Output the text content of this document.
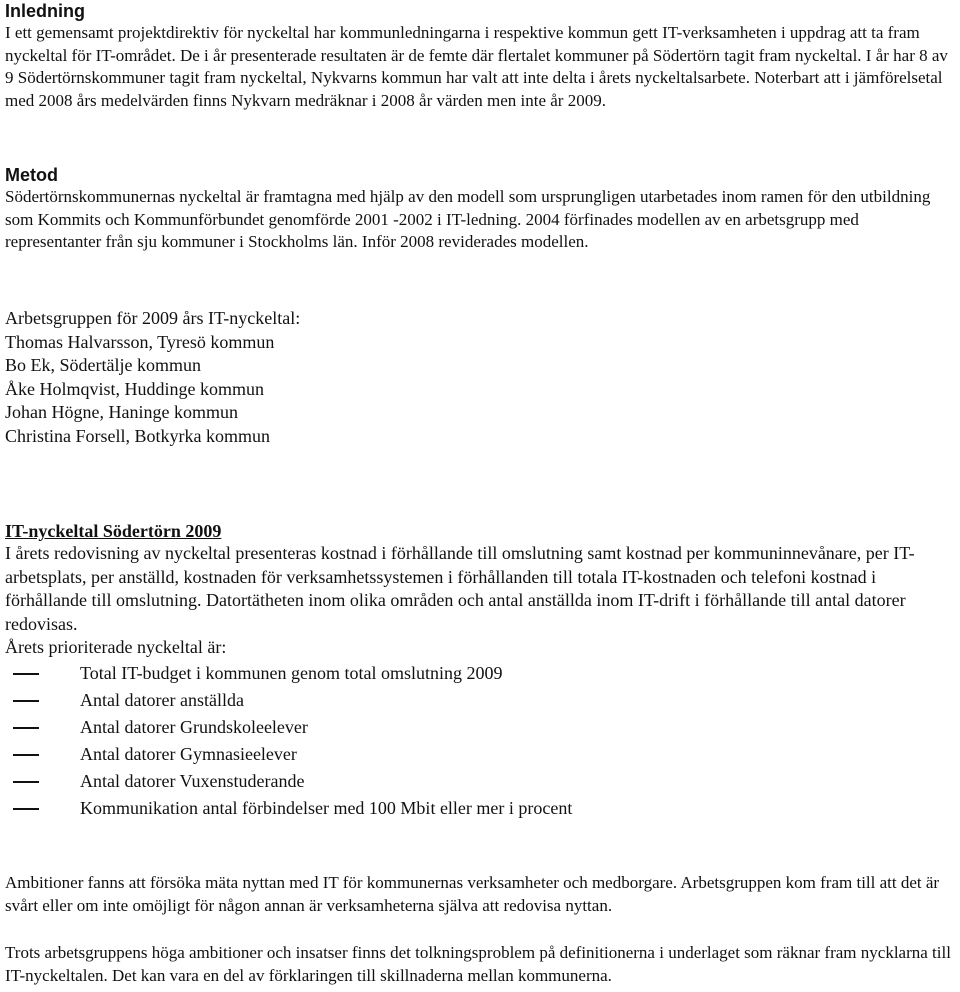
Inledning

I ett gemensamt projektdirektiv för nyckeltal har kommunledningarna i respektive kommun gett IT-verksamheten i uppdrag att ta fram nyckeltal för IT-området. De i år presenterade resultaten är de femte där flertalet kommuner på Södertörn tagit fram nyckeltal. I år har 8 av 9 Södertörnskommuner tagit fram nyckeltal, Nykvarns kommun har valt att inte delta i årets nyckeltalsarbete. Noterbart att i jämförelsetal med 2008 års medelvärden finns Nykvarn medräknar i 2008 år värden men inte år 2009.

Metod

Södertörnskommunernas nyckeltal är framtagna med hjälp av den modell som ursprungligen utarbetades inom ramen för den utbildning som Kommits och Kommunförbundet genomförde 2001 -2002 i IT-ledning. 2004 förfinades modellen av en arbetsgrupp med representanter från sju kommuner i Stockholms län. Inför 2008 reviderades modellen.

Arbetsgruppen för 2009 års IT-nyckeltal:

Thomas Halvarsson, Tyresö kommun

Bo Ek, Södertälje kommun

Åke Holmqvist, Huddinge kommun

Johan Högne, Haninge kommun

Christina Forsell, Botkyrka kommun

IT-nyckeltal Södertörn 2009

I årets redovisning av nyckeltal presenteras kostnad i förhållande till omslutning samt kostnad per kommuninnevånare, per IT-arbetsplats, per anställd, kostnaden för verksamhetssystemen i förhållanden till totala IT-kostnaden och telefoni kostnad i förhållande till omslutning. Datortätheten inom olika områden och antal anställda inom IT-drift i förhållande till antal datorer redovisas.

Årets prioriterade nyckeltal är:

Total IT-budget i kommunen genom total omslutning 2009
Antal datorer anställda
Antal datorer Grundskoleelever
Antal datorer Gymnasieelever
Antal datorer Vuxenstuderande
Kommunikation antal förbindelser med 100 Mbit eller mer i procent

Ambitioner fanns att försöka mäta nyttan med IT för kommunernas verksamheter och medborgare. Arbetsgruppen kom fram till att det är svårt eller om inte omöjligt för någon annan är verksamheterna själva att redovisa nyttan.

Trots arbetsgruppens höga ambitioner och insatser finns det tolkningsproblem på definitionerna i underlaget som räknar fram nycklarna till IT-nyckeltalen. Det kan vara en del av förklaringen till skillnaderna mellan kommunerna.
